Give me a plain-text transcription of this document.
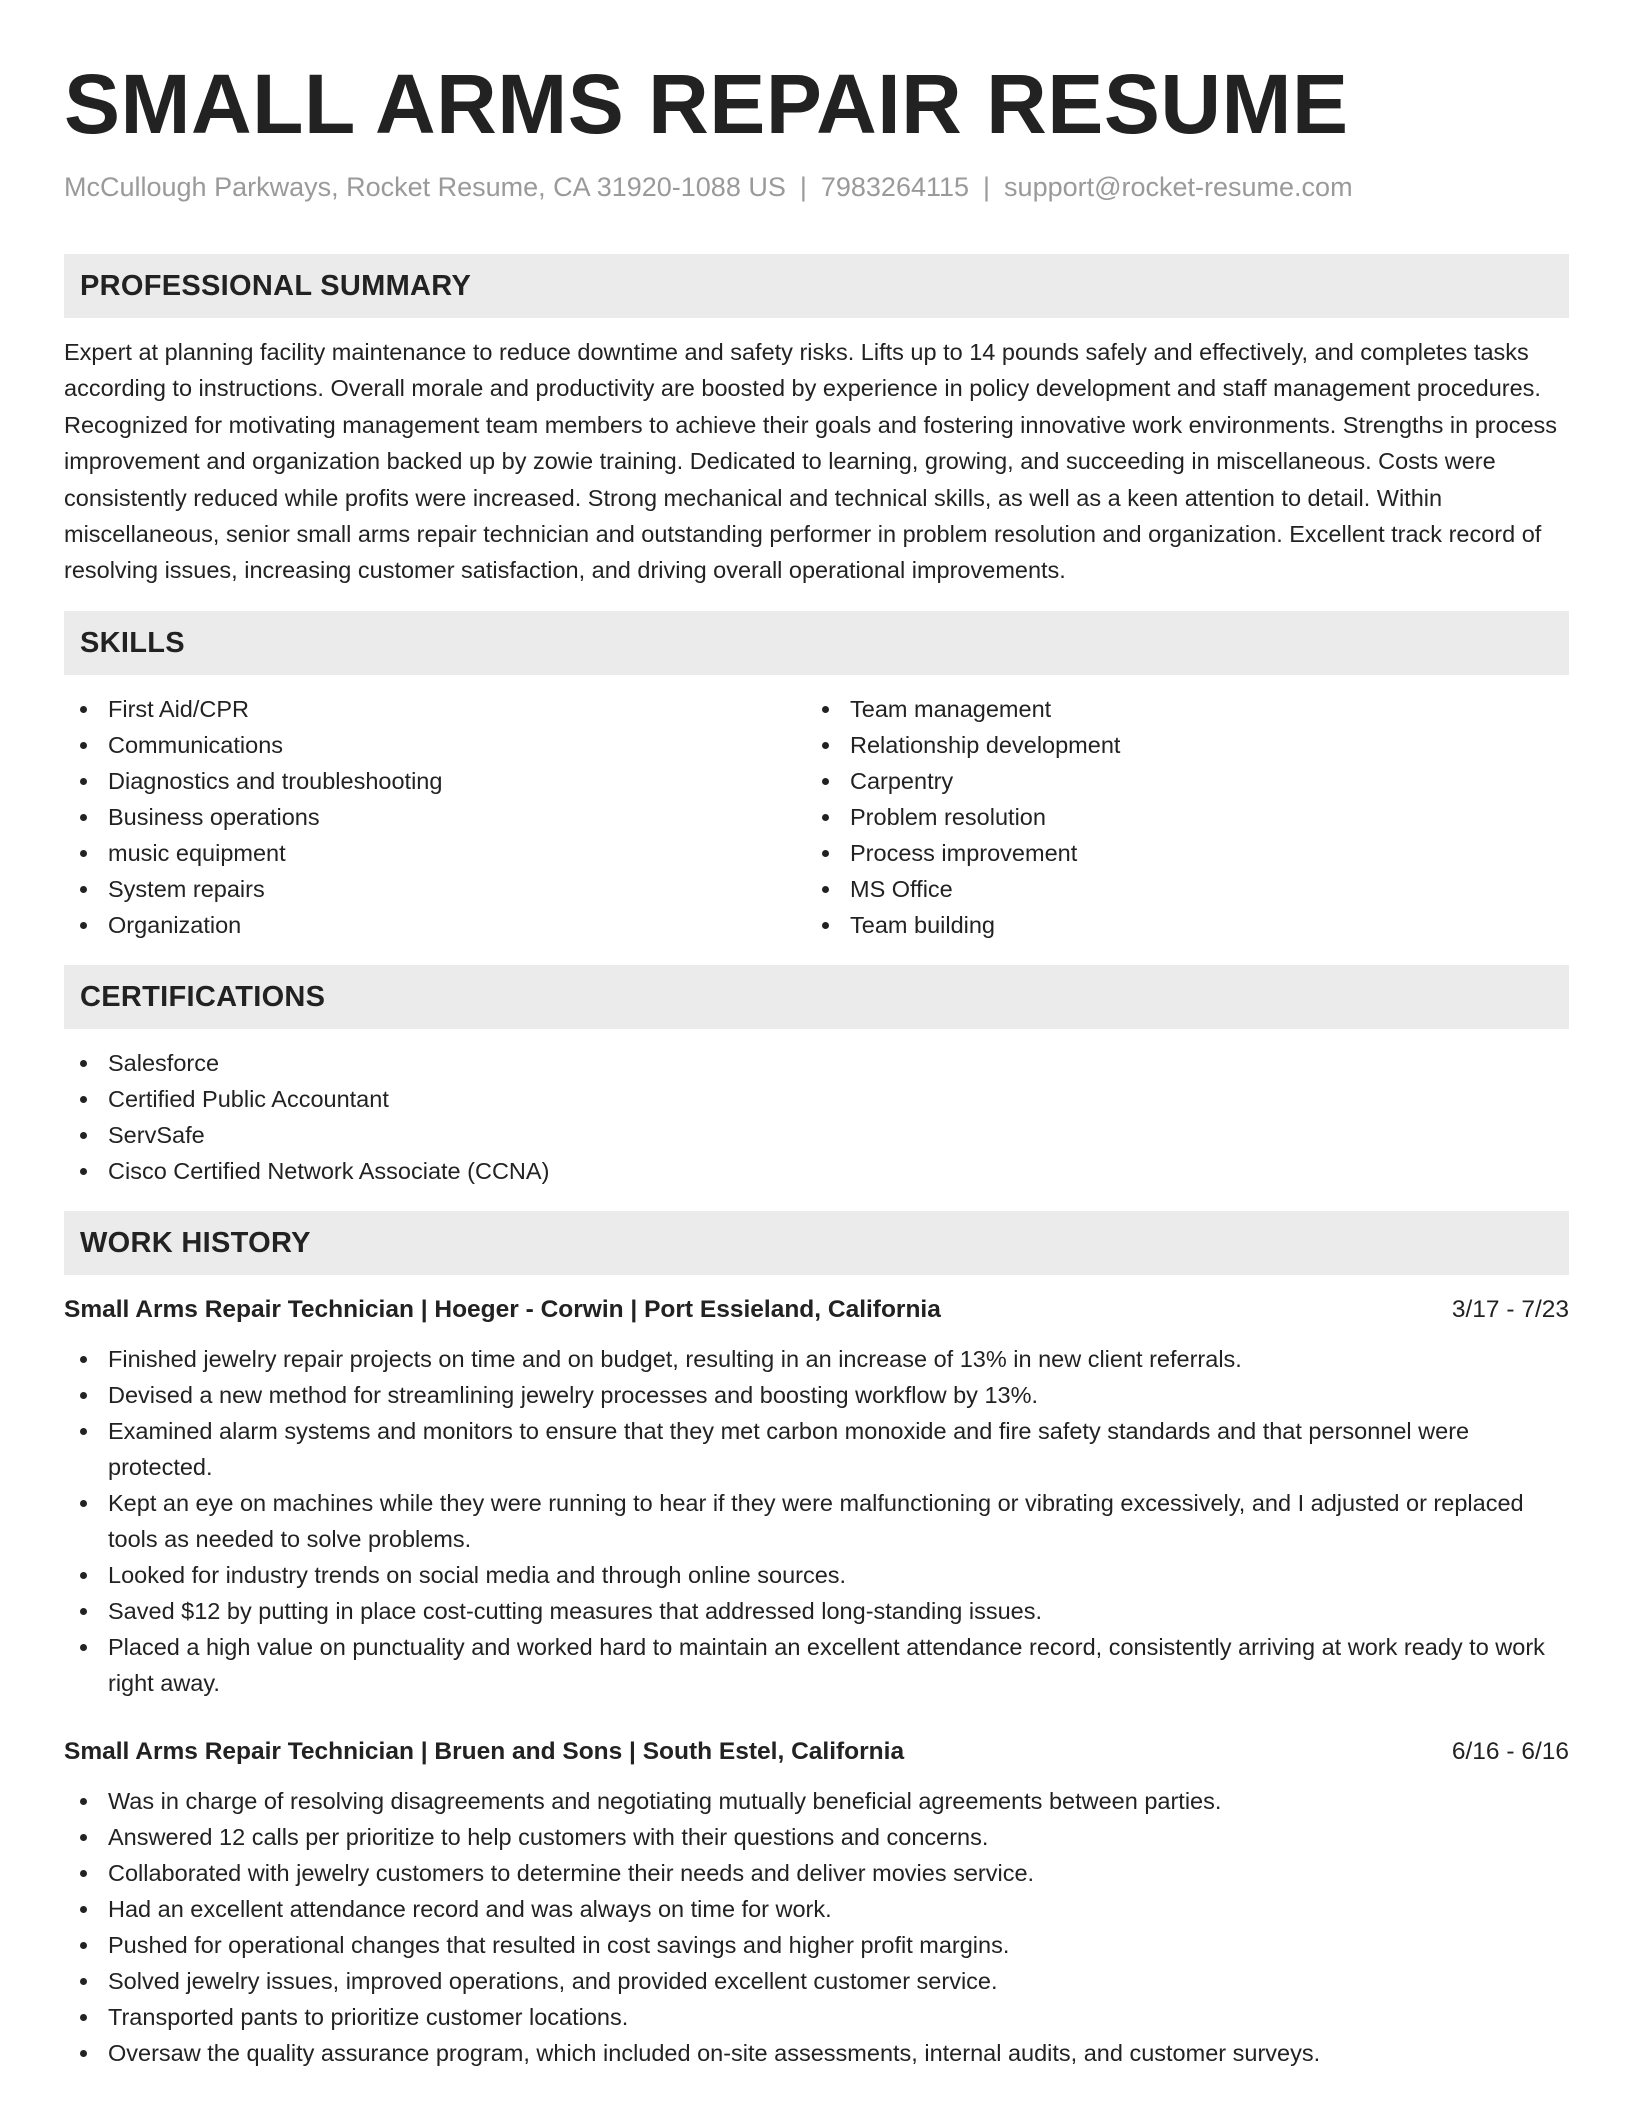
SMALL ARMS REPAIR RESUME
McCullough Parkways, Rocket Resume, CA 31920-1088 US | 7983264115 | support@rocket-resume.com
PROFESSIONAL SUMMARY

Expert at planning facility maintenance to reduce downtime and safety risks. Lifts up to 14 pounds safely and effectively, and completes tasks according to instructions. Overall morale and productivity are boosted by experience in policy development and staff management procedures. Recognized for motivating management team members to achieve their goals and fostering innovative work environments. Strengths in process improvement and organization backed up by zowie training. Dedicated to learning, growing, and succeeding in miscellaneous. Costs were consistently reduced while profits were increased. Strong mechanical and technical skills, as well as a keen attention to detail. Within miscellaneous, senior small arms repair technician and outstanding performer in problem resolution and organization. Excellent track record of resolving issues, increasing customer satisfaction, and driving overall operational improvements.

SKILLS
First Aid/CPR
Communications
Diagnostics and troubleshooting
Business operations
music equipment
System repairs
Organization
Team management
Relationship development
Carpentry
Problem resolution
Process improvement
MS Office
Team building
CERTIFICATIONS
Salesforce
Certified Public Accountant
ServSafe
Cisco Certified Network Associate (CCNA)
WORK HISTORY
Small Arms Repair Technician | Hoeger - Corwin | Port Essieland, California	3/17 - 7/23
Finished jewelry repair projects on time and on budget, resulting in an increase of 13% in new client referrals.
Devised a new method for streamlining jewelry processes and boosting workflow by 13%.
Examined alarm systems and monitors to ensure that they met carbon monoxide and fire safety standards and that personnel were protected.
Kept an eye on machines while they were running to hear if they were malfunctioning or vibrating excessively, and I adjusted or replaced tools as needed to solve problems.
Looked for industry trends on social media and through online sources.
Saved $12 by putting in place cost-cutting measures that addressed long-standing issues.
Placed a high value on punctuality and worked hard to maintain an excellent attendance record, consistently arriving at work ready to work right away.
Small Arms Repair Technician | Bruen and Sons | South Estel, California	6/16 - 6/16
Was in charge of resolving disagreements and negotiating mutually beneficial agreements between parties.
Answered 12 calls per prioritize to help customers with their questions and concerns.
Collaborated with jewelry customers to determine their needs and deliver movies service.
Had an excellent attendance record and was always on time for work.
Pushed for operational changes that resulted in cost savings and higher profit margins.
Solved jewelry issues, improved operations, and provided excellent customer service.
Transported pants to prioritize customer locations.
Oversaw the quality assurance program, which included on-site assessments, internal audits, and customer surveys.
